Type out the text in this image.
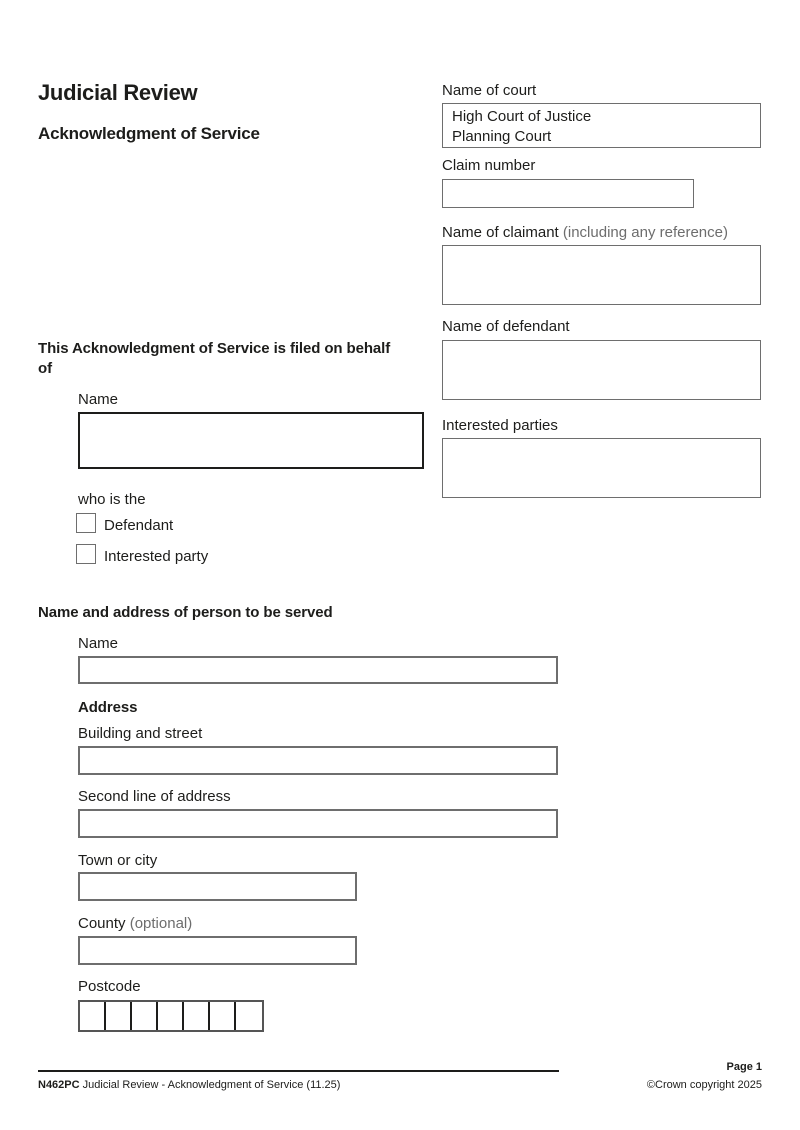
Judicial Review
Acknowledgment of Service
Name of court
High Court of Justice
Planning Court
Claim number
Name of claimant (including any reference)
Name of defendant
Interested parties
This Acknowledgment of Service is filed on behalf of
Name
who is the
Defendant
Interested party
Name and address of person to be served
Name
Address
Building and street
Second line of address
Town or city
County (optional)
Postcode
N462PC Judicial Review - Acknowledgment of Service (11.25)
Page 1
©Crown copyright 2025
